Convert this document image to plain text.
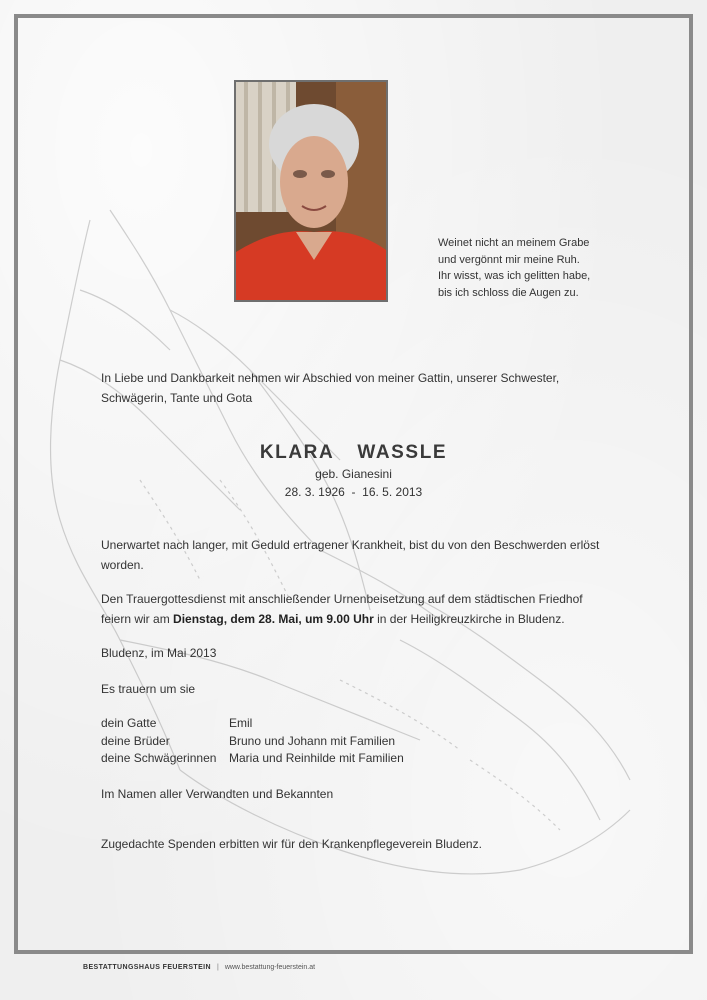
Weinet nicht an meinem Grabe
und vergönnt mir meine Ruh.
Ihr wisst, was ich gelitten habe,
bis ich schloss die Augen zu.
In Liebe und Dankbarkeit nehmen wir Abschied von meiner Gattin, unserer Schwester, Schwägerin, Tante und Gota
KLARA  WASSLE
geb. Gianesini
28. 3. 1926  -  16. 5. 2013

Unerwartet nach langer, mit Geduld ertragener Krankheit, bist du von den Beschwerden erlöst worden.

Den Trauergottesdienst mit anschließender Urnenbeisetzung auf dem städtischen Friedhof feiern wir am Dienstag, dem 28. Mai, um 9.00 Uhr in der Heiligkreuzkirche in Bludenz.

Bludenz, im Mai 2013

Es trauern um sie

dein Gatte	Emil
deine Brüder	Bruno und Johann mit Familien
deine Schwägerinnen	Maria und Reinhilde mit Familien

Im Namen aller Verwandten und Bekannten

Zugedachte Spenden erbitten wir für den Krankenpflegeverein Bludenz.

BESTATTUNGSHAUS FEUERSTEIN | www.bestattung-feuerstein.at
